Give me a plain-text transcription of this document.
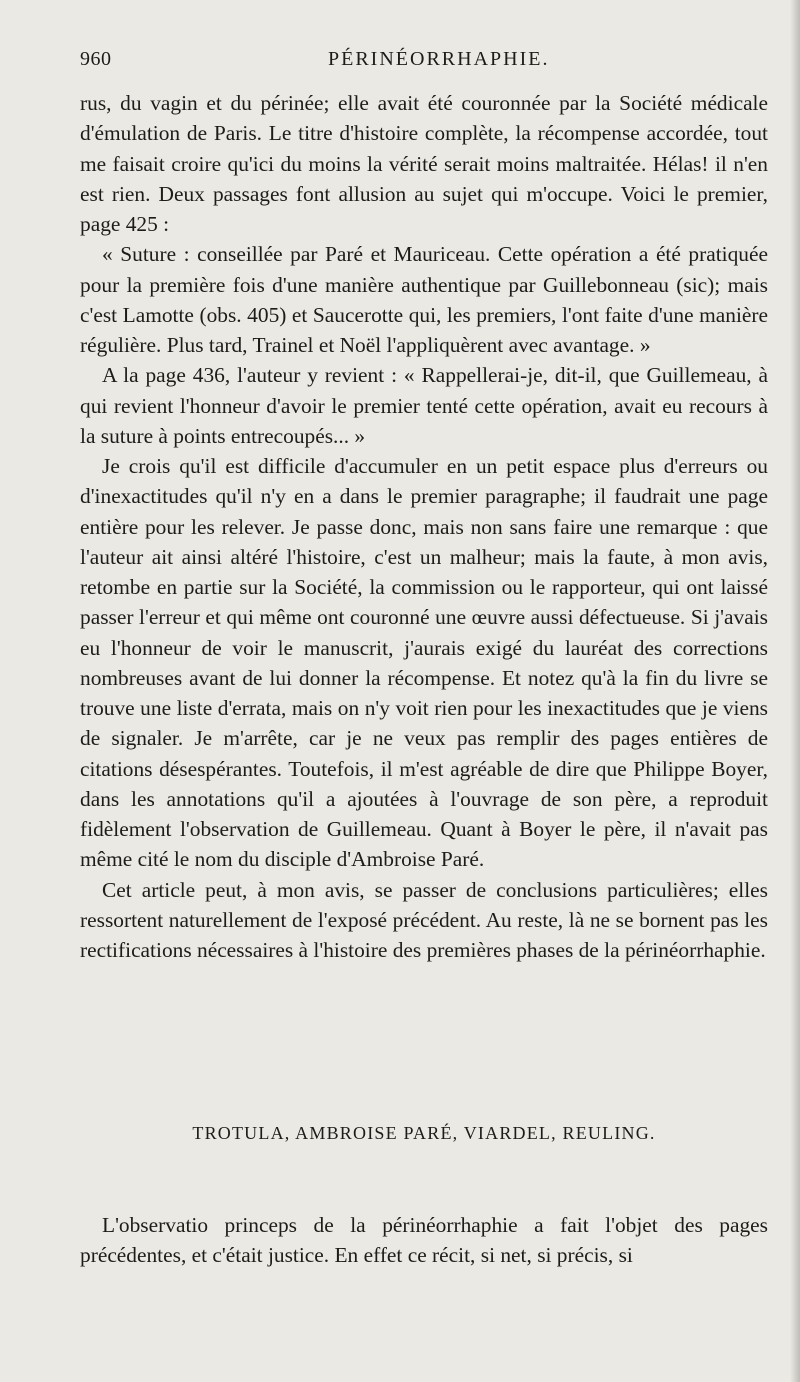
960	PÉRINÉORRHAPHIE.

rus, du vagin et du périnée; elle avait été couronnée par la Société médicale d'émulation de Paris. Le titre d'histoire complète, la récompense accordée, tout me faisait croire qu'ici du moins la vérité serait moins maltraitée. Hélas! il n'en est rien. Deux passages font allusion au sujet qui m'occupe. Voici le premier, page 425 :

« Suture : conseillée par Paré et Mauriceau. Cette opération a été pratiquée pour la première fois d'une manière authentique par Guillebonneau (sic); mais c'est Lamotte (obs. 405) et Saucerotte qui, les premiers, l'ont faite d'une manière régulière. Plus tard, Trainel et Noël l'appliquèrent avec avantage. »

A la page 436, l'auteur y revient : « Rappellerai-je, dit-il, que Guillemeau, à qui revient l'honneur d'avoir le premier tenté cette opération, avait eu recours à la suture à points entrecoupés... »

Je crois qu'il est difficile d'accumuler en un petit espace plus d'erreurs ou d'inexactitudes qu'il n'y en a dans le premier paragraphe; il faudrait une page entière pour les relever. Je passe donc, mais non sans faire une remarque : que l'auteur ait ainsi altéré l'histoire, c'est un malheur; mais la faute, à mon avis, retombe en partie sur la Société, la commission ou le rapporteur, qui ont laissé passer l'erreur et qui même ont couronné une œuvre aussi défectueuse. Si j'avais eu l'honneur de voir le manuscrit, j'aurais exigé du lauréat des corrections nombreuses avant de lui donner la récompense. Et notez qu'à la fin du livre se trouve une liste d'errata, mais on n'y voit rien pour les inexactitudes que je viens de signaler. Je m'arrête, car je ne veux pas remplir des pages entières de citations désespérantes. Toutefois, il m'est agréable de dire que Philippe Boyer, dans les annotations qu'il a ajoutées à l'ouvrage de son père, a reproduit fidèlement l'observation de Guillemeau. Quant à Boyer le père, il n'avait pas même cité le nom du disciple d'Ambroise Paré.

Cet article peut, à mon avis, se passer de conclusions particulières; elles ressortent naturellement de l'exposé précédent. Au reste, là ne se bornent pas les rectifications nécessaires à l'histoire des premières phases de la périnéorrhaphie.

TROTULA, AMBROISE PARÉ, VIARDEL, REULING.

L'observatio princeps de la périnéorrhaphie a fait l'objet des pages précédentes, et c'était justice. En effet ce récit, si net, si précis, si
